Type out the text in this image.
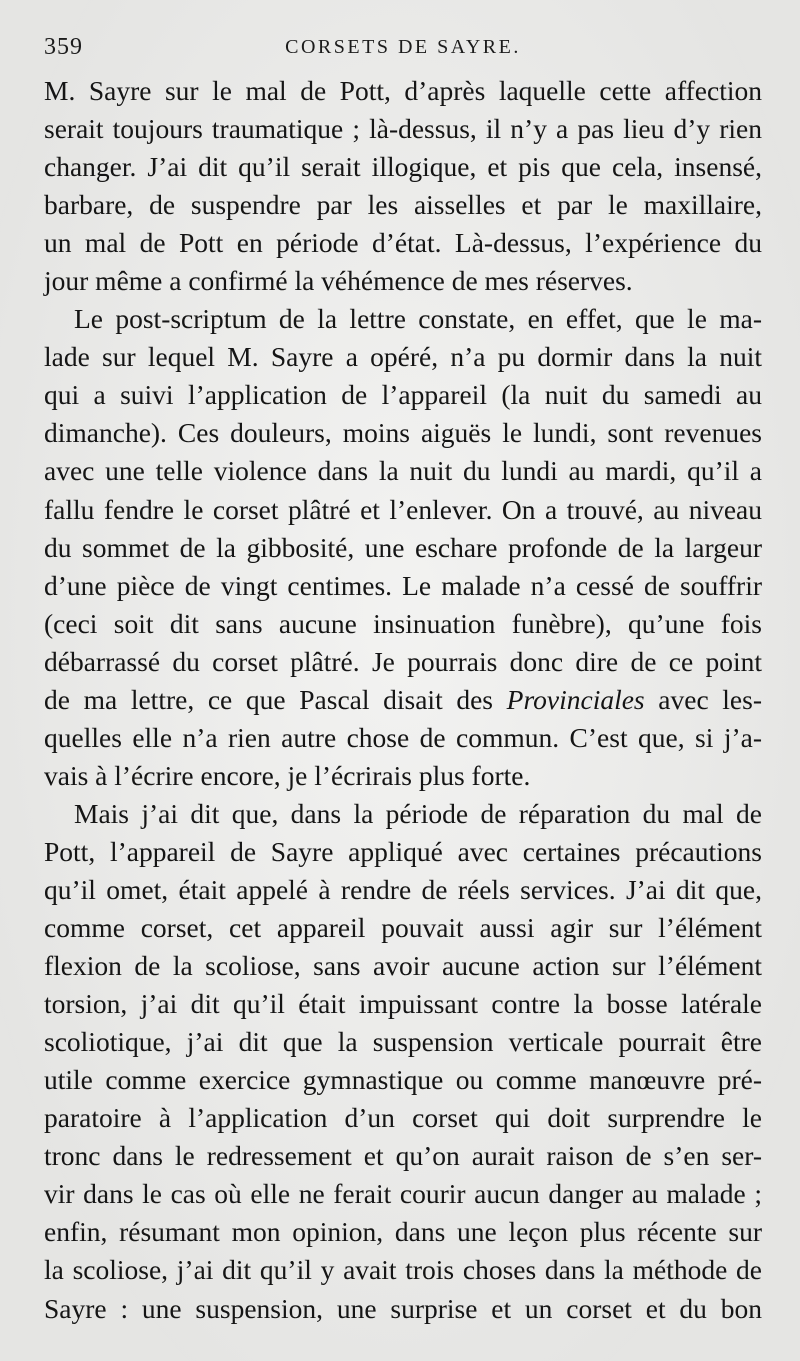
359	CORSETS DE SAYRE.

M. Sayre sur le mal de Pott, d’après laquelle cette affection
serait toujours traumatique ; là-dessus, il n’y a pas lieu d’y rien
changer. J’ai dit qu’il serait illogique, et pis que cela, insensé,
barbare, de suspendre par les aisselles et par le maxillaire,
un mal de Pott en période d’état. Là-dessus, l’expérience du
jour même a confirmé la véhémence de mes réserves.

Le post-scriptum de la lettre constate, en effet, que le ma-
lade sur lequel M. Sayre a opéré, n’a pu dormir dans la nuit
qui a suivi l’application de l’appareil (la nuit du samedi au
dimanche). Ces douleurs, moins aiguës le lundi, sont revenues
avec une telle violence dans la nuit du lundi au mardi, qu’il a
fallu fendre le corset plâtré et l’enlever. On a trouvé, au niveau
du sommet de la gibbosité, une eschare profonde de la largeur
d’une pièce de vingt centimes. Le malade n’a cessé de souffrir
(ceci soit dit sans aucune insinuation funèbre), qu’une fois
débarrassé du corset plâtré. Je pourrais donc dire de ce point
de ma lettre, ce que Pascal disait des Provinciales avec les-
quelles elle n’a rien autre chose de commun. C’est que, si j’a-
vais à l’écrire encore, je l’écrirais plus forte.

Mais j’ai dit que, dans la période de réparation du mal de
Pott, l’appareil de Sayre appliqué avec certaines précautions
qu’il omet, était appelé à rendre de réels services. J’ai dit que,
comme corset, cet appareil pouvait aussi agir sur l’élément
flexion de la scoliose, sans avoir aucune action sur l’élément
torsion, j’ai dit qu’il était impuissant contre la bosse latérale
scoliotique, j’ai dit que la suspension verticale pourrait être
utile comme exercice gymnastique ou comme manœuvre pré-
paratoire à l’application d’un corset qui doit surprendre le
tronc dans le redressement et qu’on aurait raison de s’en ser-
vir dans le cas où elle ne ferait courir aucun danger au malade ;
enfin, résumant mon opinion, dans une leçon plus récente sur
la scoliose, j’ai dit qu’il y avait trois choses dans la méthode de
Sayre : une suspension, une surprise et un corset et du bon
